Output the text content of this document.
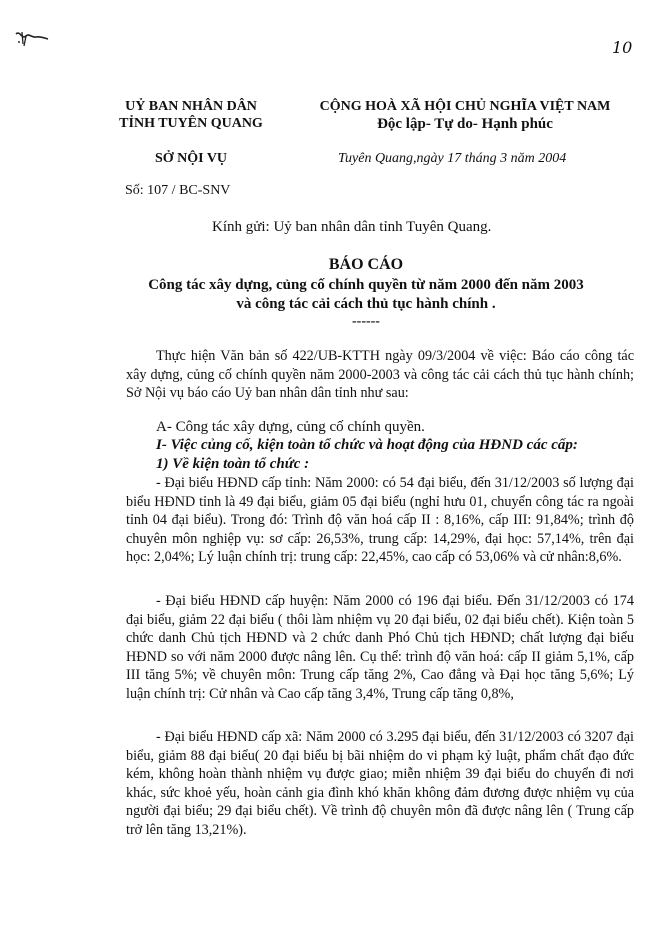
10
UỶ BAN NHÂN DÂN
TỈNH TUYÊN QUANG
SỞ NỘI VỤ
Số: 107 / BC-SNV
CỘNG HOÀ XÃ HỘI CHỦ NGHĨA VIỆT NAM
Độc lập- Tự do- Hạnh phúc
Tuyên Quang,ngày 17 tháng 3 năm 2004
Kính gửi: Uỷ ban nhân dân tỉnh Tuyên Quang.
BÁO CÁO
Công tác xây dựng, củng cố chính quyền từ năm 2000 đến năm 2003
và công tác cải cách thủ tục hành chính .
------
Thực hiện Văn bản số 422/UB-KTTH ngày 09/3/2004 về việc: Báo cáo công tác xây dựng, củng cố chính quyền năm 2000-2003 và công tác cải cách thủ tục hành chính; Sở Nội vụ báo cáo Uỷ ban nhân dân tỉnh như sau:
A- Công tác xây dựng, củng cố chính quyền.
I- Việc củng cố, kiện toàn tổ chức và hoạt động của HĐND các cấp:
1) Về kiện toàn tổ chức :
- Đại biểu HĐND cấp tỉnh: Năm 2000: có 54 đại biểu, đến 31/12/2003 số lượng đại biểu HĐND tỉnh là 49 đại biểu, giảm 05 đại biểu (nghỉ hưu 01, chuyển công tác ra ngoài tỉnh 04 đại biểu). Trong đó: Trình độ văn hoá cấp II : 8,16%, cấp III: 91,84%; trình độ chuyên môn nghiệp vụ: sơ cấp: 26,53%, trung cấp: 14,29%, đại học: 57,14%, trên đại học: 2,04%; Lý luận chính trị: trung cấp: 22,45%, cao cấp có 53,06% và cử nhân:8,6%.
- Đại biểu HĐND cấp huyện: Năm 2000 có 196 đại biểu. Đến 31/12/2003 có 174 đại biểu, giảm 22 đại biểu ( thôi làm nhiệm vụ 20 đại biểu, 02 đại biểu chết). Kiện toàn 5 chức danh Chủ tịch HĐND và 2 chức danh Phó Chủ tịch HĐND; chất lượng đại biểu HĐND so với năm 2000 được nâng lên. Cụ thể: trình độ văn hoá: cấp II giảm 5,1%, cấp III tăng 5%; về chuyên môn: Trung cấp tăng 2%, Cao đẳng và Đại học tăng 5,6%; Lý luận chính trị: Cử nhân và Cao cấp tăng 3,4%, Trung cấp tăng 0,8%,
- Đại biểu HĐND cấp xã: Năm 2000 có 3.295 đại biểu, đến 31/12/2003 có 3207 đại biểu, giảm 88 đại biểu( 20 đại biểu bị bãi nhiệm do vi phạm kỷ luật, phẩm chất đạo đức kém, không hoàn thành nhiệm vụ được giao; miễn nhiệm 39 đại biểu do chuyển đi nơi khác, sức khoẻ yếu, hoàn cảnh gia đình khó khăn không đảm đương được nhiệm vụ của người đại biểu; 29 đại biểu chết). Về trình độ chuyên môn đã được nâng lên ( Trung cấp trở lên tăng 13,21%).
